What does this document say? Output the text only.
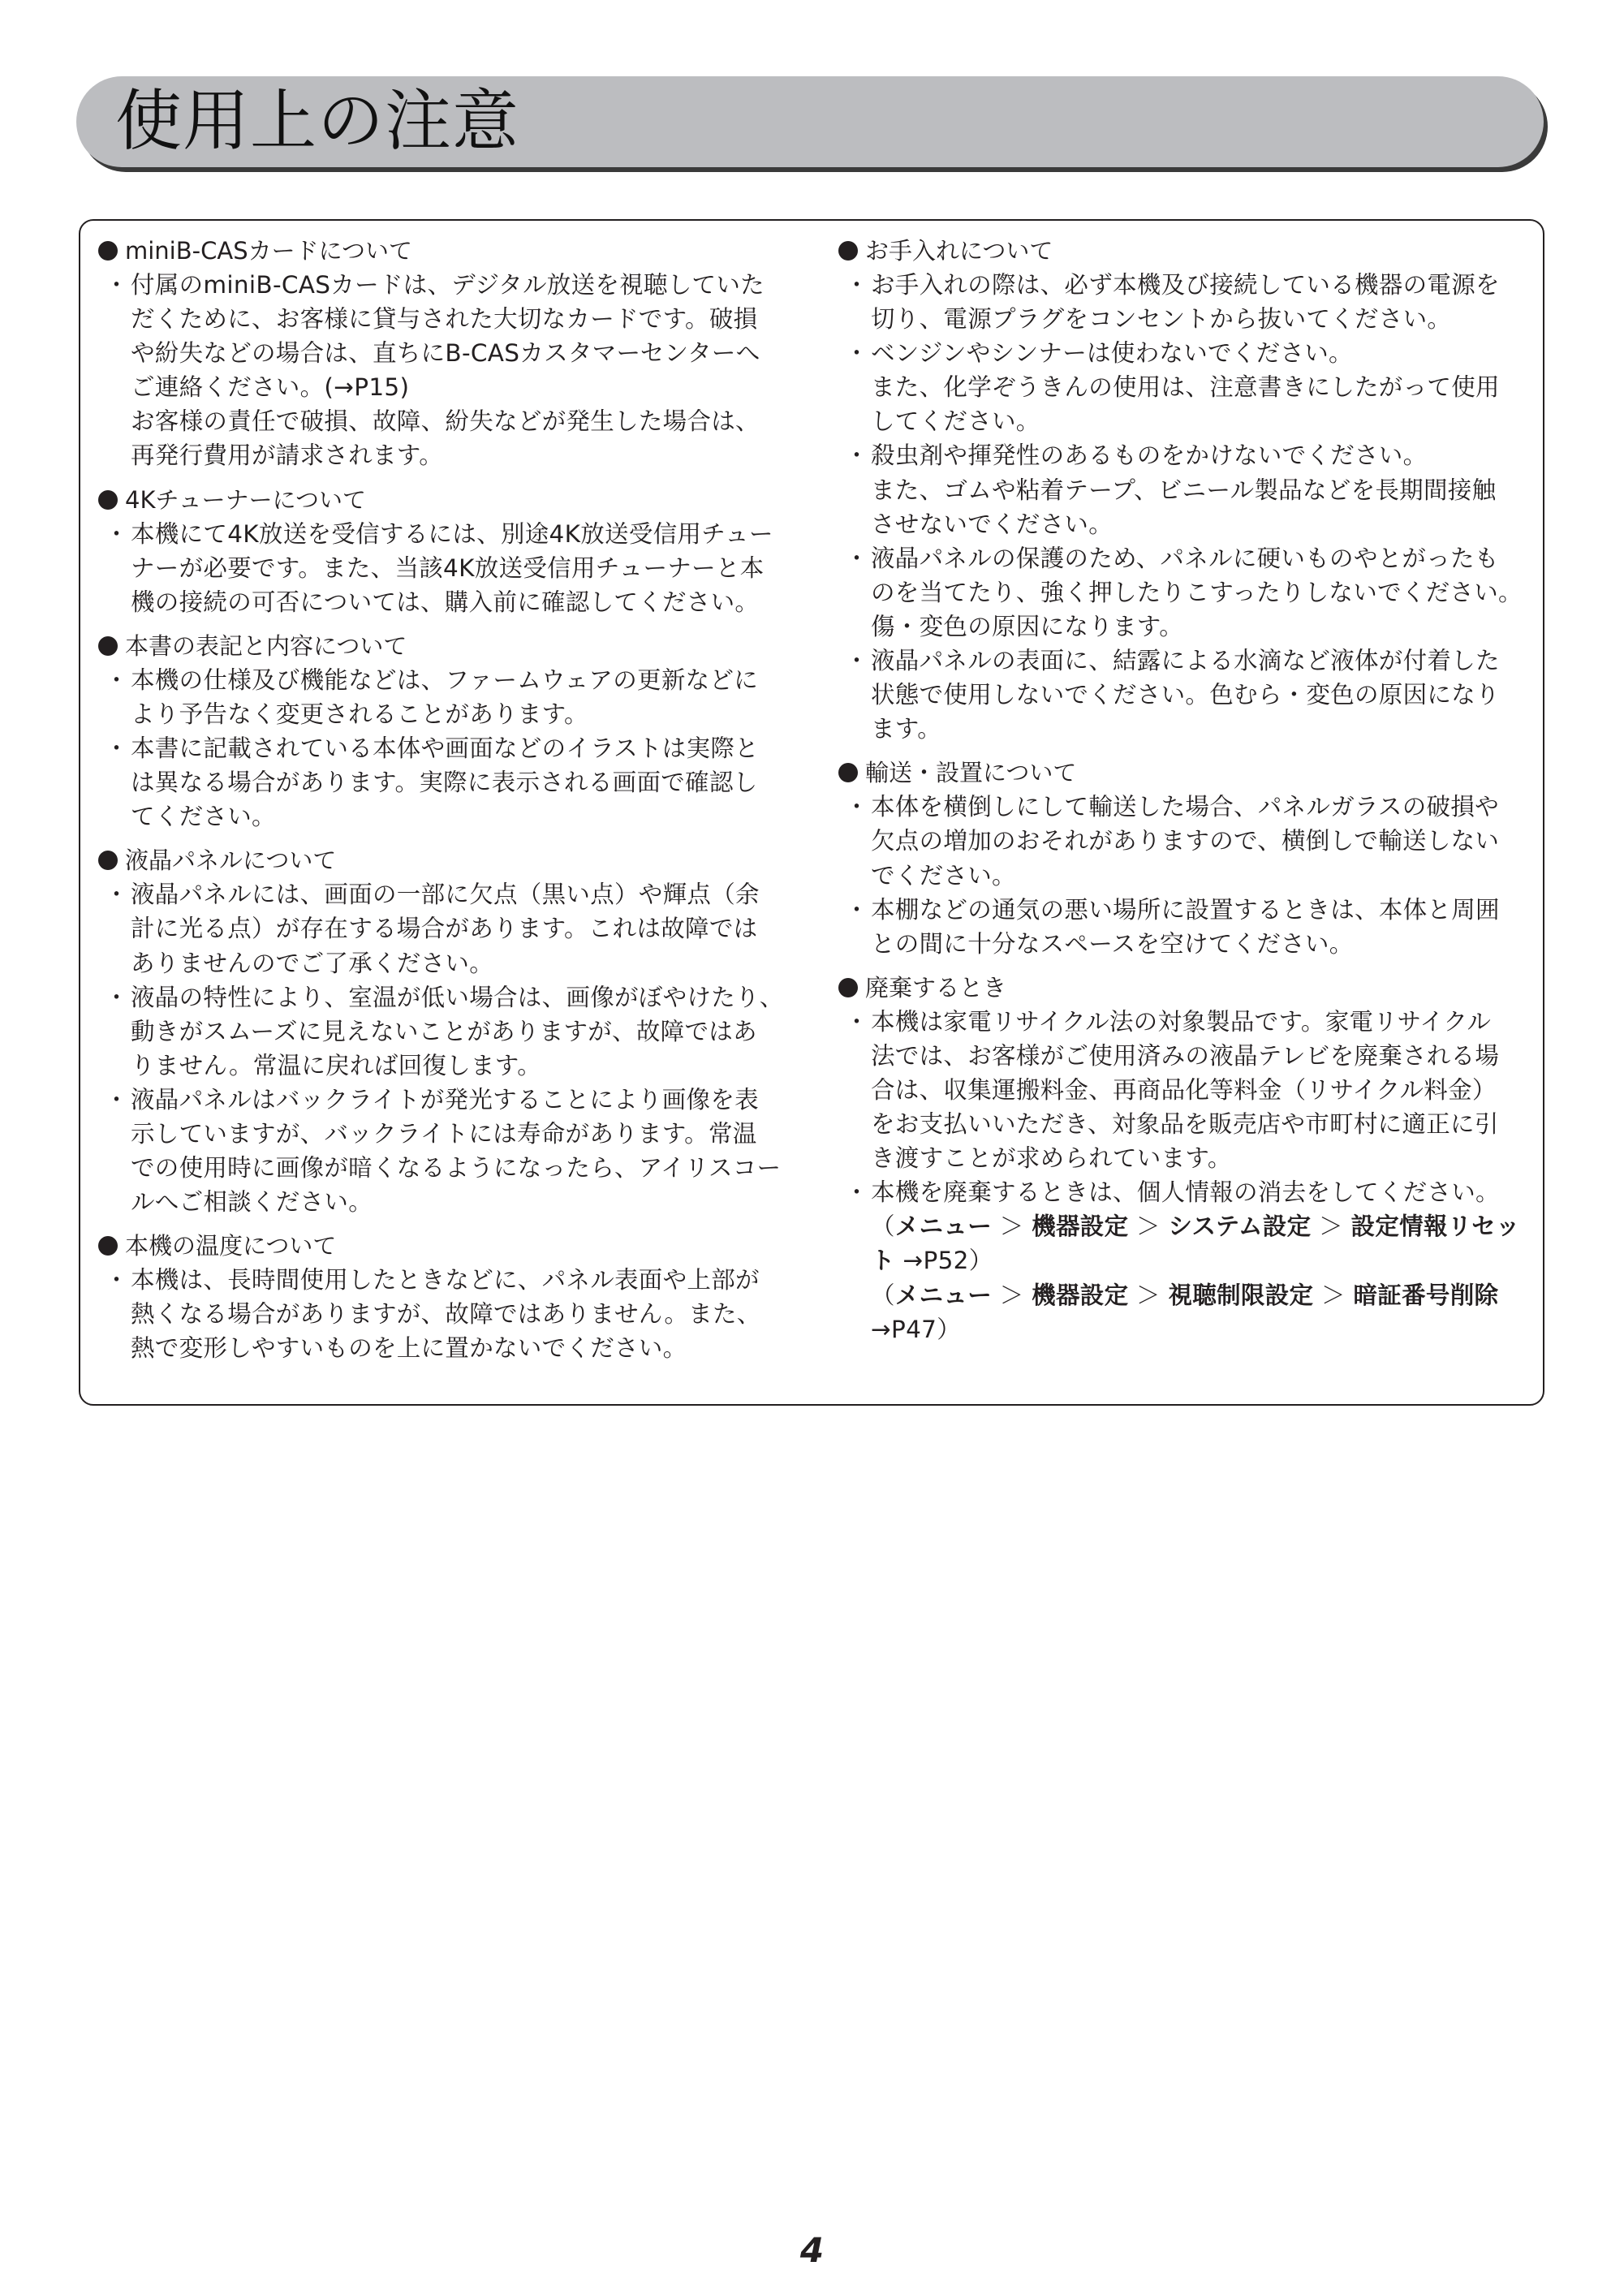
使用上の注意
miniB-CASカードについて
・ 付属のminiB-CASカードは、デジタル放送を視聴していた
だくために、お客様に貸与された大切なカードです。破損
や紛失などの場合は、直ちにB-CASカスタマーセンターへ
ご連絡ください。(→P15)
お客様の責任で破損、故障、紛失などが発生した場合は、
再発行費用が請求されます。
4Kチューナーについて
・ 本機にて4K放送を受信するには、別途4K放送受信用チュー
ナーが必要です。また、当該4K放送受信用チューナーと本
機の接続の可否については、購入前に確認してください。
本書の表記と内容について
・ 本機の仕様及び機能などは、ファームウェアの更新などに
より予告なく変更されることがあります。
・ 本書に記載されている本体や画面などのイラストは実際と
は異なる場合があります。実際に表示される画面で確認し
てください。
液晶パネルについて
・ 液晶パネルには、画面の一部に欠点（黒い点）や輝点（余
計に光る点）が存在する場合があります。これは故障では
ありませんのでご了承ください。
・ 液晶の特性により、室温が低い場合は、画像がぼやけたり、
動きがスムーズに見えないことがありますが、故障ではあ
りません。常温に戻れば回復します。
・ 液晶パネルはバックライトが発光することにより画像を表
示していますが、バックライトには寿命があります。常温
での使用時に画像が暗くなるようになったら、アイリスコー
ルへご相談ください。
本機の温度について
・ 本機は、長時間使用したときなどに、パネル表面や上部が
熱くなる場合がありますが、故障ではありません。また、
熱で変形しやすいものを上に置かないでください。
お手入れについて
・ お手入れの際は、必ず本機及び接続している機器の電源を
切り、電源プラグをコンセントから抜いてください。
・ ベンジンやシンナーは使わないでください。
また、化学ぞうきんの使用は、注意書きにしたがって使用
してください。
・ 殺虫剤や揮発性のあるものをかけないでください。
また、ゴムや粘着テープ、ビニール製品などを長期間接触
させないでください。
・ 液晶パネルの保護のため、パネルに硬いものやとがったも
のを当てたり、強く押したりこすったりしないでください。
傷・変色の原因になります。
・ 液晶パネルの表面に、結露による水滴など液体が付着した
状態で使用しないでください。色むら・変色の原因になり
ます。
輸送・設置について
・ 本体を横倒しにして輸送した場合、パネルガラスの破損や
欠点の増加のおそれがありますので、横倒しで輸送しない
でください。
・ 本棚などの通気の悪い場所に設置するときは、本体と周囲
との間に十分なスペースを空けてください。
廃棄するとき
・ 本機は家電リサイクル法の対象製品です。家電リサイクル
法では、お客様がご使用済みの液晶テレビを廃棄される場
合は、収集運搬料金、再商品化等料金（リサイクル料金）
をお支払いいただき、対象品を販売店や市町村に適正に引
き渡すことが求められています。
・ 本機を廃棄するときは、個人情報の消去をしてください。
（メニュー ＞ 機器設定 ＞ システム設定 ＞ 設定情報リセッ
ト →P52）
（メニュー ＞ 機器設定 ＞ 視聴制限設定 ＞ 暗証番号削除
→P47）
4
